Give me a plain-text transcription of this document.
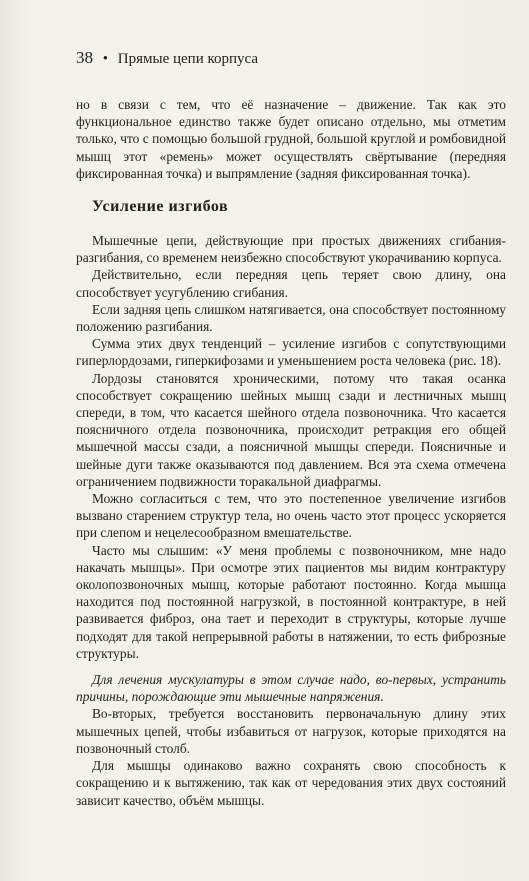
38 • Прямые цепи корпуса

но в связи с тем, что её назначение – движение. Так как это функциональное единство также будет описано отдельно, мы отметим только, что с помощью большой грудной, большой круглой и ромбовидной мышц этот «ремень» может осуществлять свёртывание (передняя фиксированная точка) и выпрямление (задняя фиксированная точка).

Усиление изгибов

Мышечные цепи, действующие при простых движениях сгибания-разгибания, со временем неизбежно способствуют укорачиванию корпуса.

Действительно, если передняя цепь теряет свою длину, она способствует усугублению сгибания.

Если задняя цепь слишком натягивается, она способствует постоянному положению разгибания.

Сумма этих двух тенденций – усиление изгибов с сопутствующими гиперлордозами, гиперкифозами и уменьшением роста человека (рис. 18).

Лордозы становятся хроническими, потому что такая осанка способствует сокращению шейных мышц сзади и лестничных мышц спереди, в том, что касается шейного отдела позвоночника. Что касается поясничного отдела позвоночника, происходит ретракция его общей мышечной массы сзади, а поясничной мышцы спереди. Поясничные и шейные дуги также оказываются под давлением. Вся эта схема отмечена ограничением подвижности торакальной диафрагмы.

Можно согласиться с тем, что это постепенное увеличение изгибов вызвано старением структур тела, но очень часто этот процесс ускоряется при слепом и нецелесообразном вмешательстве.

Часто мы слышим: «У меня проблемы с позвоночником, мне надо накачать мышцы». При осмотре этих пациентов мы видим контрактуру околопозвоночных мышц, которые работают постоянно. Когда мышца находится под постоянной нагрузкой, в постоянной контрактуре, в ней развивается фиброз, она тает и переходит в структуры, которые лучше подходят для такой непрерывной работы в натяжении, то есть фиброзные структуры.

Для лечения мускулатуры в этом случае надо, во-первых, устранить причины, порождающие эти мышечные напряжения.

Во-вторых, требуется восстановить первоначальную длину этих мышечных цепей, чтобы избавиться от нагрузок, которые приходятся на позвоночный столб.

Для мышцы одинаково важно сохранять свою способность к сокращению и к вытяжению, так как от чередования этих двух состояний зависит качество, объём мышцы.
